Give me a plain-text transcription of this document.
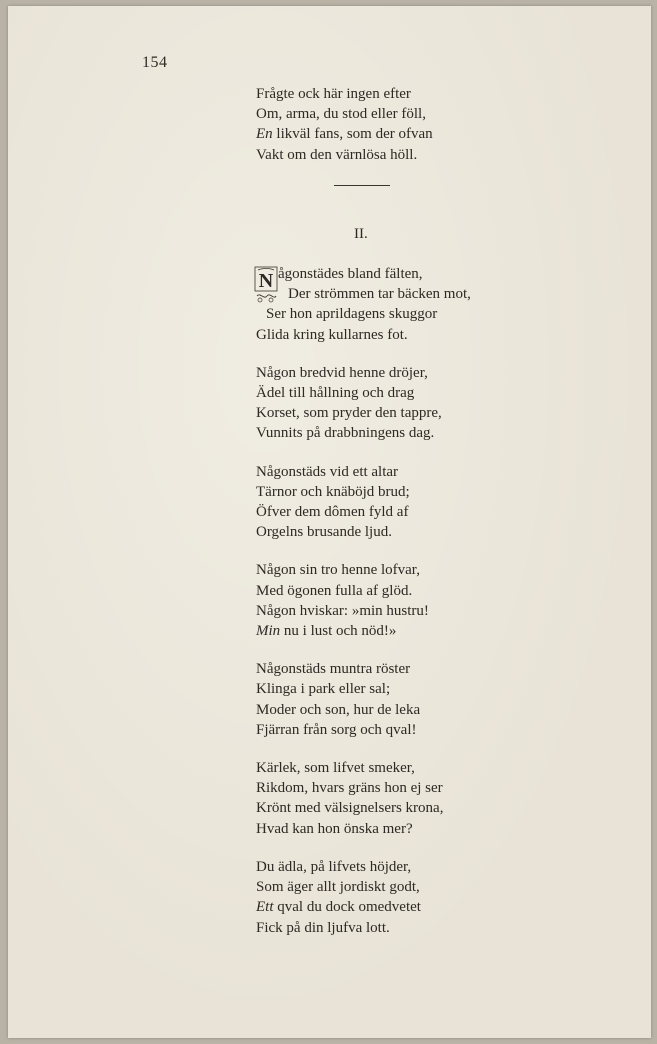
154
Frågte ock här ingen efter
Om, arma, du stod eller föll,
En likväl fans, som der ofvan
Vakt om den värnlösa höll.
II.
N ågonstädes bland fälten,
Der strömmen tar bäcken mot,
Ser hon aprildagens skuggor
Glida kring kullarnes fot.
Någon bredvid henne dröjer,
Ädel till hållning och drag
Korset, som pryder den tappre,
Vunnits på drabbningens dag.
Någonstäds vid ett altar
Tärnor och knäböjd brud;
Öfver dem dômen fyld af
Orgelns brusande ljud.
Någon sin tro henne lofvar,
Med ögonen fulla af glöd.
Någon hviskar: »min hustru!
Min nu i lust och nöd!»
Någonstäds muntra röster
Klinga i park eller sal;
Moder och son, hur de leka
Fjärran från sorg och qval!
Kärlek, som lifvet smeker,
Rikdom, hvars gräns hon ej ser
Krönt med välsignelsers krona,
Hvad kan hon önska mer?
Du ädla, på lifvets höjder,
Som äger allt jordiskt godt,
Ett qval du dock omedvetet
Fick på din ljufva lott.
